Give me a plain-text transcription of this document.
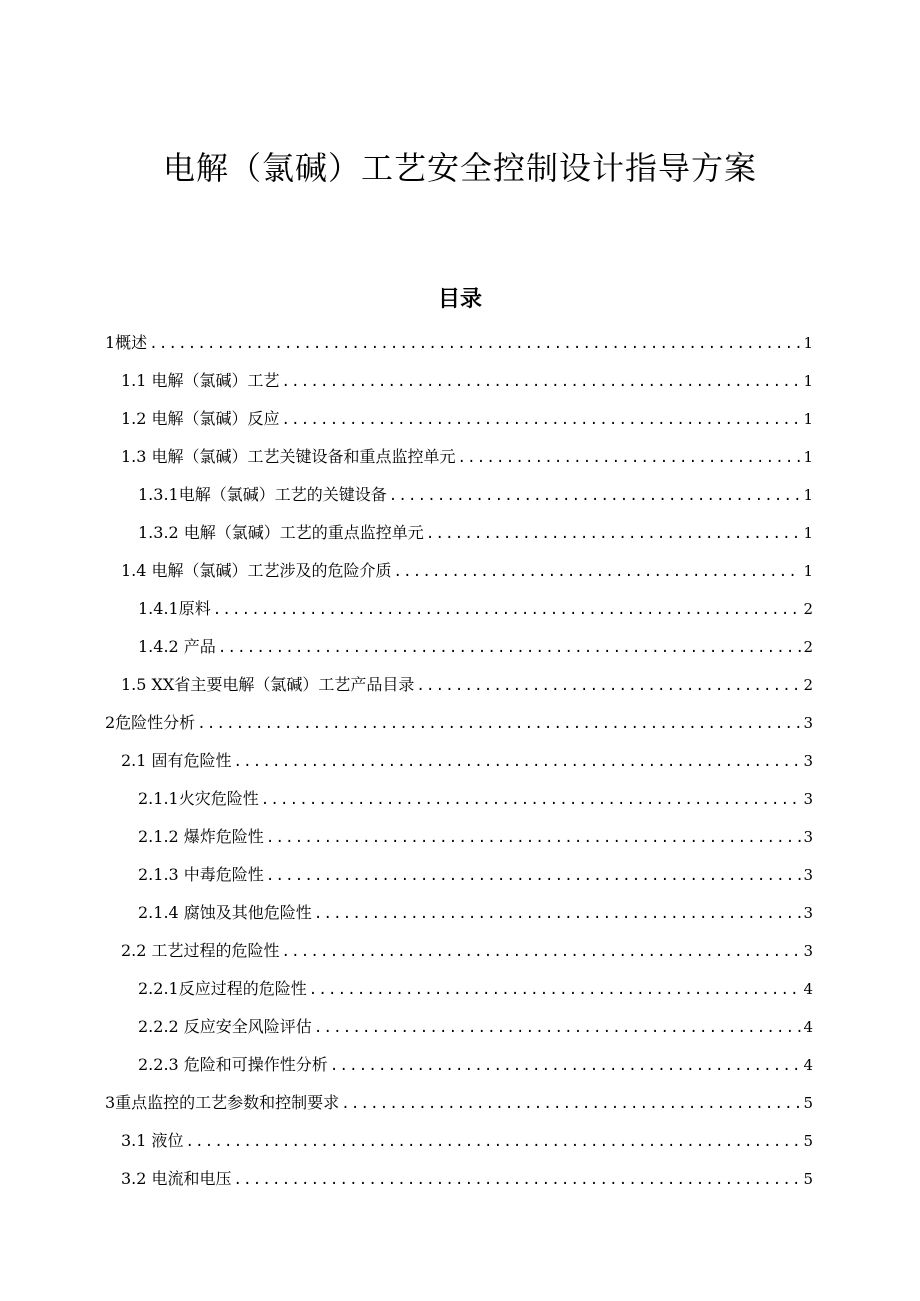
电解（氯碱）工艺安全控制设计指导方案
目录
1概述 .....	1
1.1 电解（氯碱）工艺 .....	1
1.2 电解（氯碱）反应 .....	1
1.3 电解（氯碱）工艺关键设备和重点监控单元 .....	1
1.3.1电解（氯碱）工艺的关键设备 .....	1
1.3.2 电解（氯碱）工艺的重点监控单元 .....	1
1.4 电解（氯碱）工艺涉及的危险介质 .....	1
1.4.1原料 .....	2
1.4.2 产品 .....	2
1.5 XX省主要电解（氯碱）工艺产品目录 .....	2
2危险性分析 .....	3
2.1 固有危险性 .....	3
2.1.1火灾危险性 .....	3
2.1.2 爆炸危险性 .....	3
2.1.3 中毒危险性 .....	3
2.1.4 腐蚀及其他危险性 .....	3
2.2 工艺过程的危险性 .....	3
2.2.1反应过程的危险性 .....	4
2.2.2 反应安全风险评估 .....	4
2.2.3 危险和可操作性分析 .....	4
3重点监控的工艺参数和控制要求 .....	5
3.1 液位 .....	5
3.2 电流和电压 .....	5
